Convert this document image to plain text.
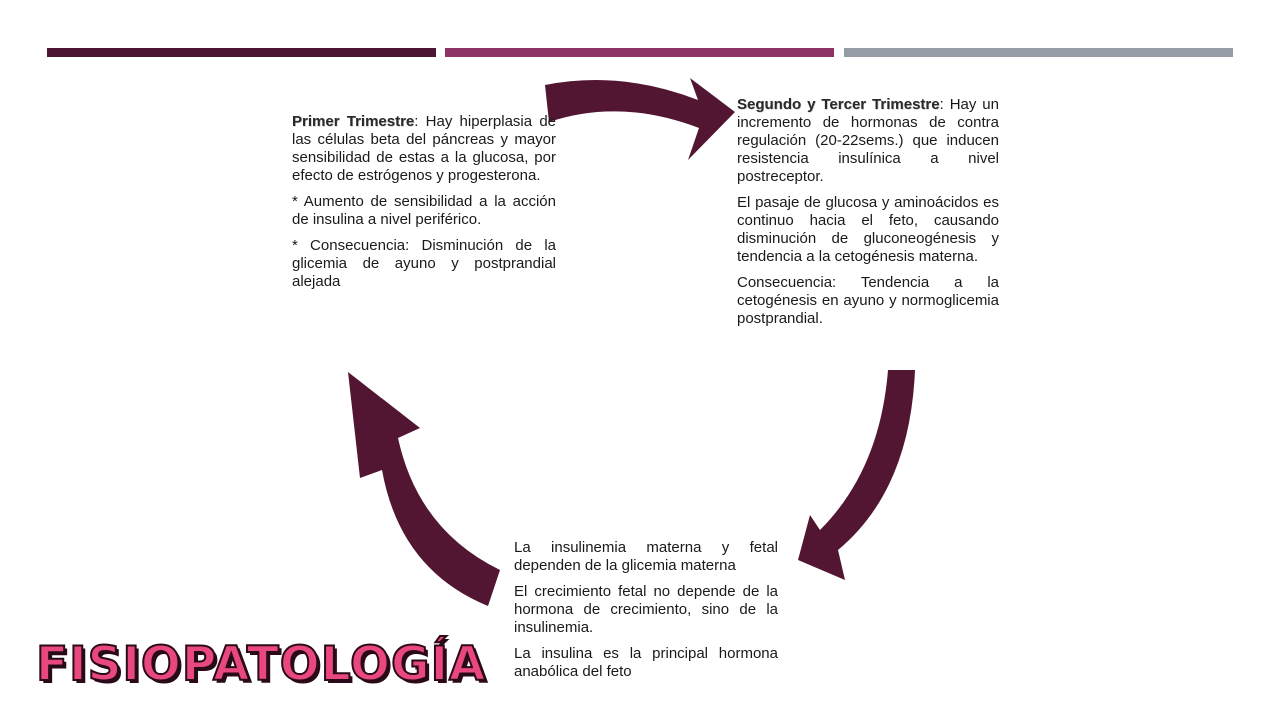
Primer Trimestre: Hay hiperplasia de las células beta del páncreas y mayor sensibilidad de estas a la glucosa, por efecto de estrógenos y progesterona.

* Aumento de sensibilidad a la acción de insulina a nivel periférico.

* Consecuencia: Disminución de la glicemia de ayuno y postprandial alejada

Segundo y Tercer Trimestre: Hay un incremento de hormonas de contra regulación (20-22sems.) que inducen resistencia insulínica a nivel postreceptor.

El pasaje de glucosa y aminoácidos es continuo hacia el feto, causando disminución de gluconeogénesis y tendencia a la cetogénesis materna.

Consecuencia: Tendencia a la cetogénesis en ayuno y normoglicemia postprandial.

La insulinemia materna y fetal dependen de la glicemia materna

El crecimiento fetal no depende de la hormona de crecimiento, sino de la insulinemia.

La insulina es la principal hormona anabólica del feto

FISIOPATOLOGÍA
